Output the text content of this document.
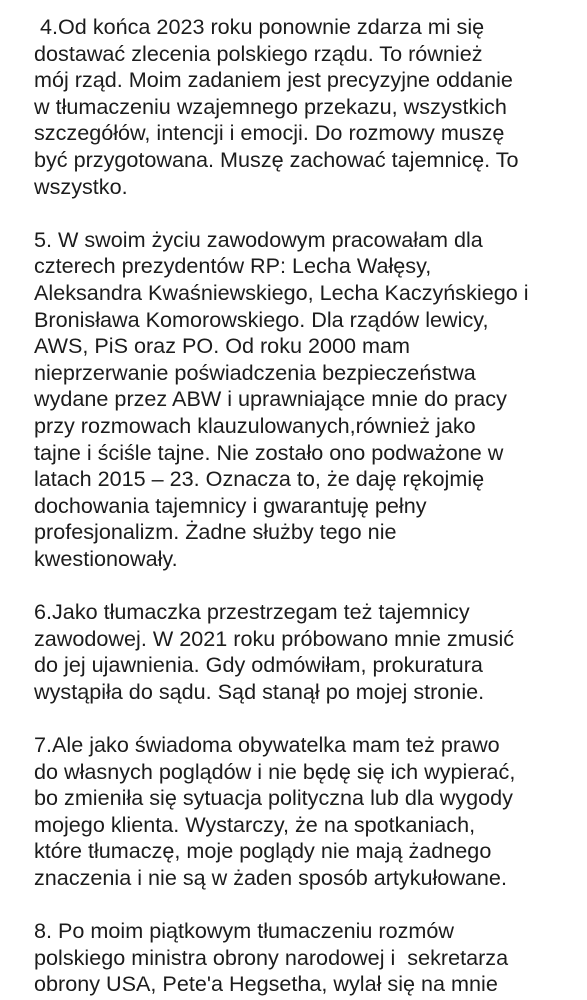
4.Od końca 2023 roku ponownie zdarza mi się
dostawać zlecenia polskiego rządu. To również
mój rząd. Moim zadaniem jest precyzyjne oddanie
w tłumaczeniu wzajemnego przekazu, wszystkich
szczegółów, intencji i emocji. Do rozmowy muszę
być przygotowana. Muszę zachować tajemnicę. To
wszystko.

5. W swoim życiu zawodowym pracowałam dla
czterech prezydentów RP: Lecha Wałęsy,
Aleksandra Kwaśniewskiego, Lecha Kaczyńskiego i
Bronisława Komorowskiego. Dla rządów lewicy,
AWS, PiS oraz PO. Od roku 2000 mam
nieprzerwanie poświadczenia bezpieczeństwa
wydane przez ABW i uprawniające mnie do pracy
przy rozmowach klauzulowanych,również jako
tajne i ściśle tajne. Nie zostało ono podważone w
latach 2015 – 23. Oznacza to, że daję rękojmię
dochowania tajemnicy i gwarantuję pełny
profesjonalizm. Żadne służby tego nie
kwestionowały.

6.Jako tłumaczka przestrzegam też tajemnicy
zawodowej. W 2021 roku próbowano mnie zmusić
do jej ujawnienia. Gdy odmówiłam, prokuratura
wystąpiła do sądu. Sąd stanął po mojej stronie.

7.Ale jako świadoma obywatelka mam też prawo
do własnych poglądów i nie będę się ich wypierać,
bo zmieniła się sytuacja polityczna lub dla wygody
mojego klienta. Wystarczy, że na spotkaniach,
które tłumaczę, moje poglądy nie mają żadnego
znaczenia i nie są w żaden sposób artykułowane.

8. Po moim piątkowym tłumaczeniu rozmów
polskiego ministra obrony narodowej i  sekretarza
obrony USA, Pete'a Hegsetha, wylał się na mnie
